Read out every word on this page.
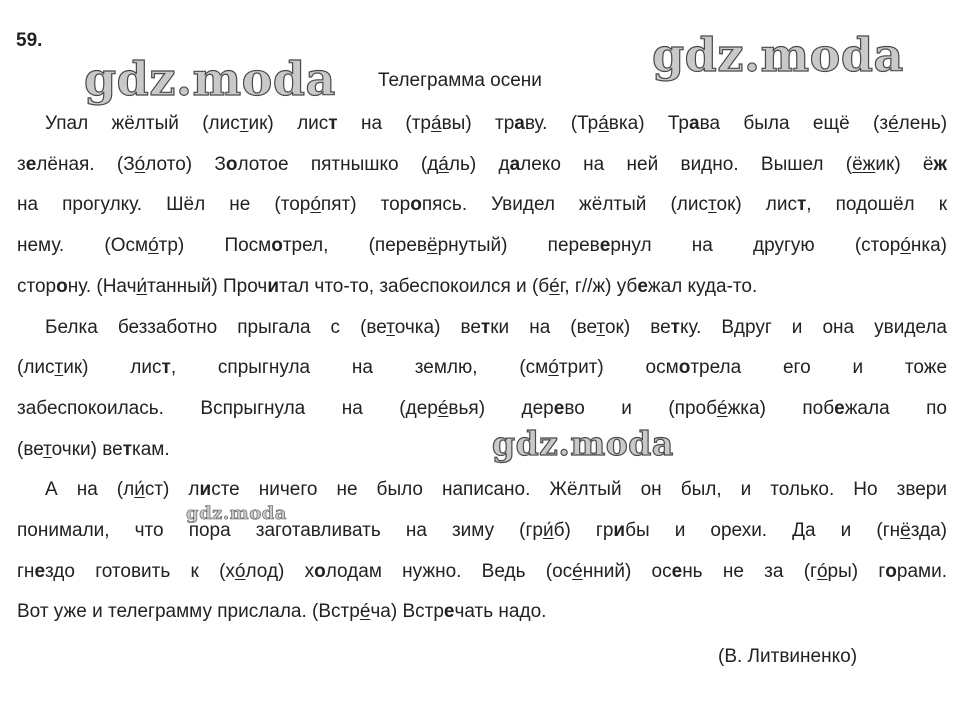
59.
Телеграмма осени
gdz.moda	gdz.moda
Упал жёлтый (листик) лист на (трáвы) траву. (Трáвка) Трава была ещё (зéлень)
зелёная. (Зóлото) Золотое пятнышко (дáль) далеко на ней видно. Вышел (ёжик) ёж
на прогулку. Шёл не (торóпят) торопясь. Увидел жёлтый (листок) лист, подошёл к
нему. (Осмóтр) Посмотрел, (перевёрнутый) перевернул на другую (сторóнка)
сторону. (Начи́танный) Прочитал что-то, забеспокоился и (бéг, г//ж) убежал куда-то.
Белка беззаботно прыгала с (веточка) ветки на (веток) ветку. Вдруг и она увидела
(листик) лист, спрыгнула на землю, (смóтрит) осмотрела его и тоже
забеспокоилась. Вспрыгнула на (дерéвья) дерево и (пробéжка) побежала по
(веточки) веткам.
А на (ли́ст) листе ничего не было написано. Жёлтый он был, и только. Но звери
понимали, что пора заготавливать на зиму (гри́б) грибы и орехи. Да и (гнёзда)
гнездо готовить к (хóлод) холодам нужно. Ведь (осéнний) осень не за (гóры) горами.
Вот уже и телеграмму прислала. (Встрéча) Встречать надо.
gdz.moda
gdz.moda
(В. Литвиненко)
